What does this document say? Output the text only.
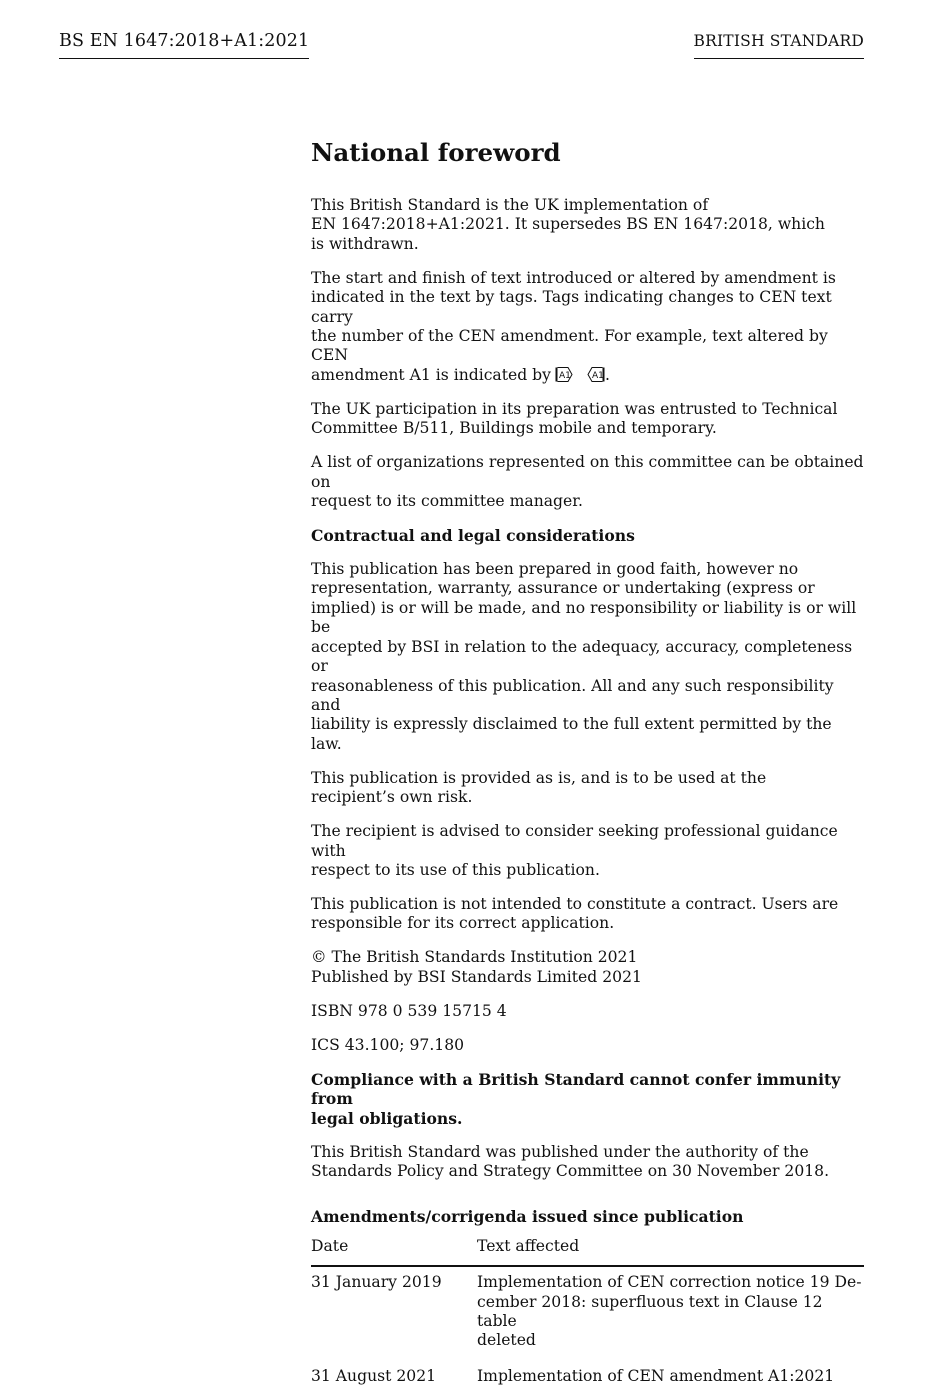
BS EN 1647:2018+A1:2021	BRITISH STANDARD
National foreword
This British Standard is the UK implementation of
EN 1647:2018+A1:2021. It supersedes BS EN 1647:2018, which
is withdrawn.
The start and finish of text introduced or altered by amendment is
indicated in the text by tags. Tags indicating changes to CEN text carry
the number of the CEN amendment. For example, text altered by CEN
amendment A1 is indicated by A1 A1 .
The UK participation in its preparation was entrusted to Technical
Committee B/511, Buildings mobile and temporary.
A list of organizations represented on this committee can be obtained on
request to its committee manager.
Contractual and legal considerations
This publication has been prepared in good faith, however no
representation, warranty, assurance or undertaking (express or
implied) is or will be made, and no responsibility or liability is or will be
accepted by BSI in relation to the adequacy, accuracy, completeness or
reasonableness of this publication. All and any such responsibility and
liability is expressly disclaimed to the full extent permitted by the law.
This publication is provided as is, and is to be used at the
recipient’s own risk.
The recipient is advised to consider seeking professional guidance with
respect to its use of this publication.
This publication is not intended to constitute a contract. Users are
responsible for its correct application.
© The British Standards Institution 2021
Published by BSI Standards Limited 2021
ISBN 978 0 539 15715 4
ICS 43.100; 97.180
Compliance with a British Standard cannot confer immunity from
legal obligations.
This British Standard was published under the authority of the
Standards Policy and Strategy Committee on 30 November 2018.
Amendments/corrigenda issued since publication
Date	Text affected
31 January 2019	Implementation of CEN correction notice 19 De-
cember 2018: superfluous text in Clause 12 table
deleted

31 August 2021	Implementation of CEN amendment A1:2021
